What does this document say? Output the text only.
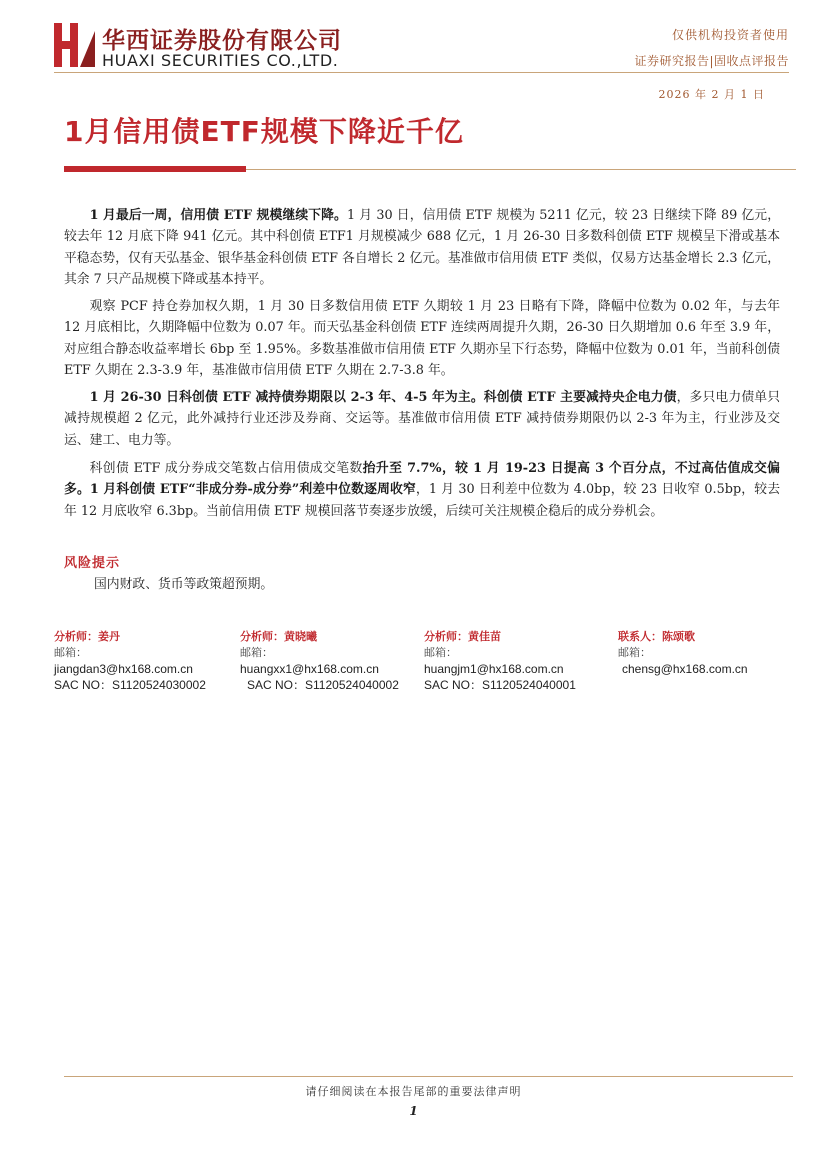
华西证券股份有限公司
HUAXI SECURITIES CO.,LTD.
仅供机构投资者使用
证券研究报告|固收点评报告
2026 年 2 月 1 日
1月信用债ETF规模下降近千亿
1 月最后一周，信用债 ETF 规模继续下降。1 月 30 日，信用债 ETF 规模为 5211 亿元，较 23 日继续下降 89 亿元，较去年 12 月底下降 941 亿元。其中科创债 ETF1 月规模减少 688 亿元，1 月 26-30 日多数科创债 ETF 规模呈下滑或基本平稳态势，仅有天弘基金、银华基金科创债 ETF 各自增长 2 亿元。基准做市信用债 ETF 类似，仅易方达基金增长 2.3 亿元，其余 7 只产品规模下降或基本持平。
观察 PCF 持仓券加权久期，1 月 30 日多数信用债 ETF 久期较 1 月 23 日略有下降，降幅中位数为 0.02 年，与去年 12 月底相比，久期降幅中位数为 0.07 年。而天弘基金科创债 ETF 连续两周提升久期，26-30 日久期增加 0.6 年至 3.9 年，对应组合静态收益率增长 6bp 至 1.95%。多数基准做市信用债 ETF 久期亦呈下行态势，降幅中位数为 0.01 年，当前科创债 ETF 久期在 2.3-3.9 年，基准做市信用债 ETF 久期在 2.7-3.8 年。
1 月 26-30 日科创债 ETF 减持债券期限以 2-3 年、4-5 年为主。科创债 ETF 主要减持央企电力债，多只电力债单只减持规模超 2 亿元，此外减持行业还涉及券商、交运等。基准做市信用债 ETF 减持债券期限仍以 2-3 年为主，行业涉及交运、建工、电力等。
科创债 ETF 成分券成交笔数占信用债成交笔数抬升至 7.7%，较 1 月 19-23 日提高 3 个百分点，不过高估值成交偏多。1 月科创债 ETF“非成分券-成分券”利差中位数逐周收窄，1 月 30 日利差中位数为 4.0bp，较 23 日收窄 0.5bp，较去年 12 月底收窄 6.3bp。当前信用债 ETF 规模回落节奏逐步放缓，后续可关注规模企稳后的成分券机会。
风险提示
国内财政、货币等政策超预期。
分析师：姜丹
邮箱：
jiangdan3@hx168.com.cn
SAC NO：S1120524030002
分析师：黄晓曦
邮箱：
huangxx1@hx168.com.cn
SAC NO：S1120524040002
分析师：黄佳苗
邮箱：
huangjm1@hx168.com.cn
SAC NO：S1120524040001
联系人：陈颂歌
邮箱：
chensg@hx168.com.cn
请仔细阅读在本报告尾部的重要法律声明
1
